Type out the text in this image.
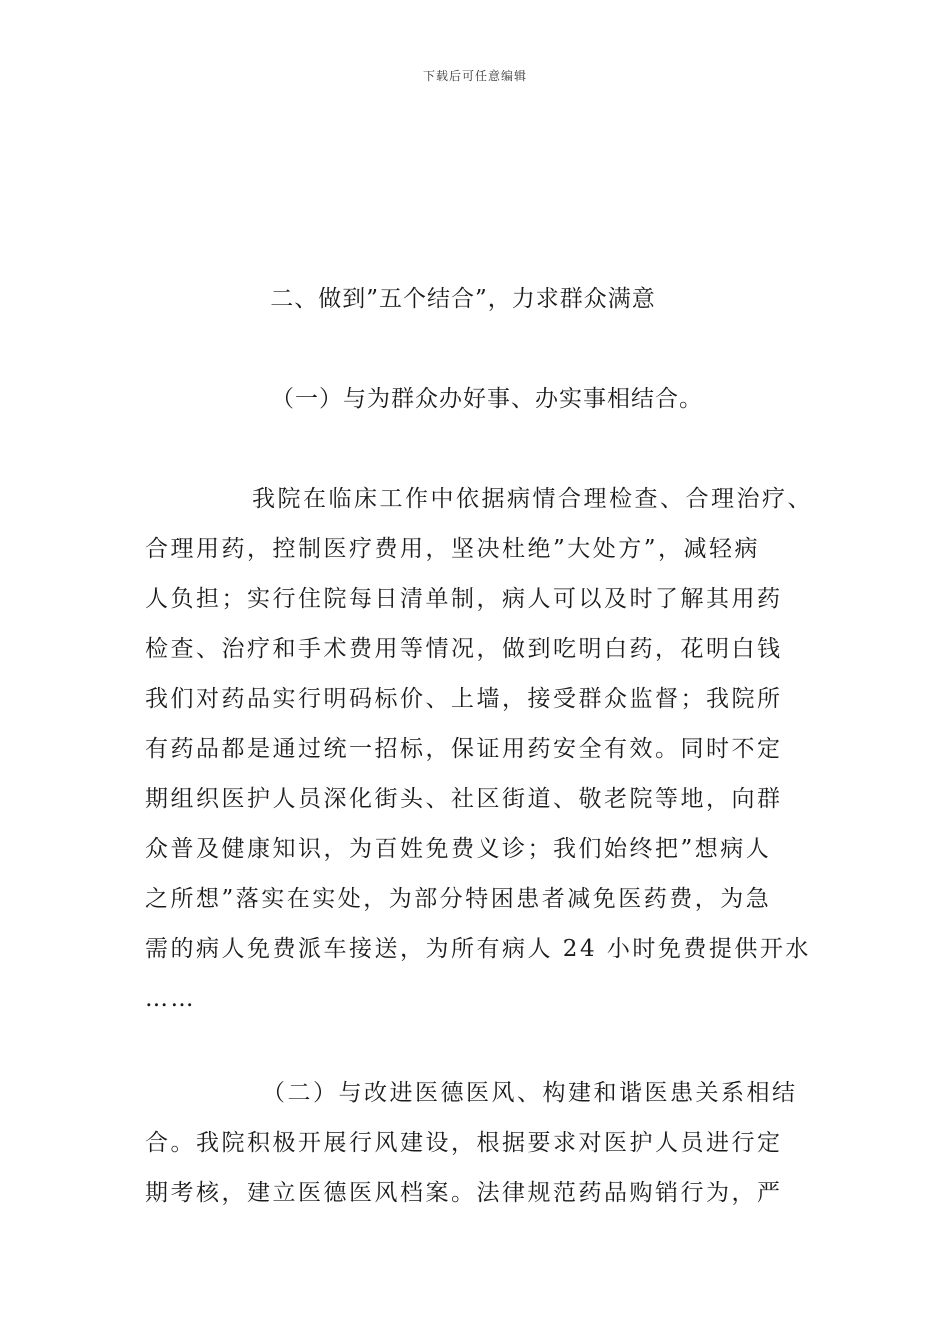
下载后可任意编辑
二、做到”五个结合”，力求群众满意
（一）与为群众办好事、办实事相结合。
我院在临床工作中依据病情合理检查、合理治疗、
合理用药，控制医疗费用，坚决杜绝”大处方”，减轻病
人负担；实行住院每日清单制，病人可以及时了解其用药
检查、治疗和手术费用等情况，做到吃明白药，花明白钱
我们对药品实行明码标价、上墙，接受群众监督；我院所
有药品都是通过统一招标，保证用药安全有效。同时不定
期组织医护人员深化街头、社区街道、敬老院等地，向群
众普及健康知识，为百姓免费义诊；我们始终把”想病人
之所想”落实在实处，为部分特困患者减免医药费，为急
需的病人免费派车接送，为所有病人 24 小时免费提供开水
……
（二）与改进医德医风、构建和谐医患关系相结
合。我院积极开展行风建设，根据要求对医护人员进行定
期考核，建立医德医风档案。法律规范药品购销行为，严
